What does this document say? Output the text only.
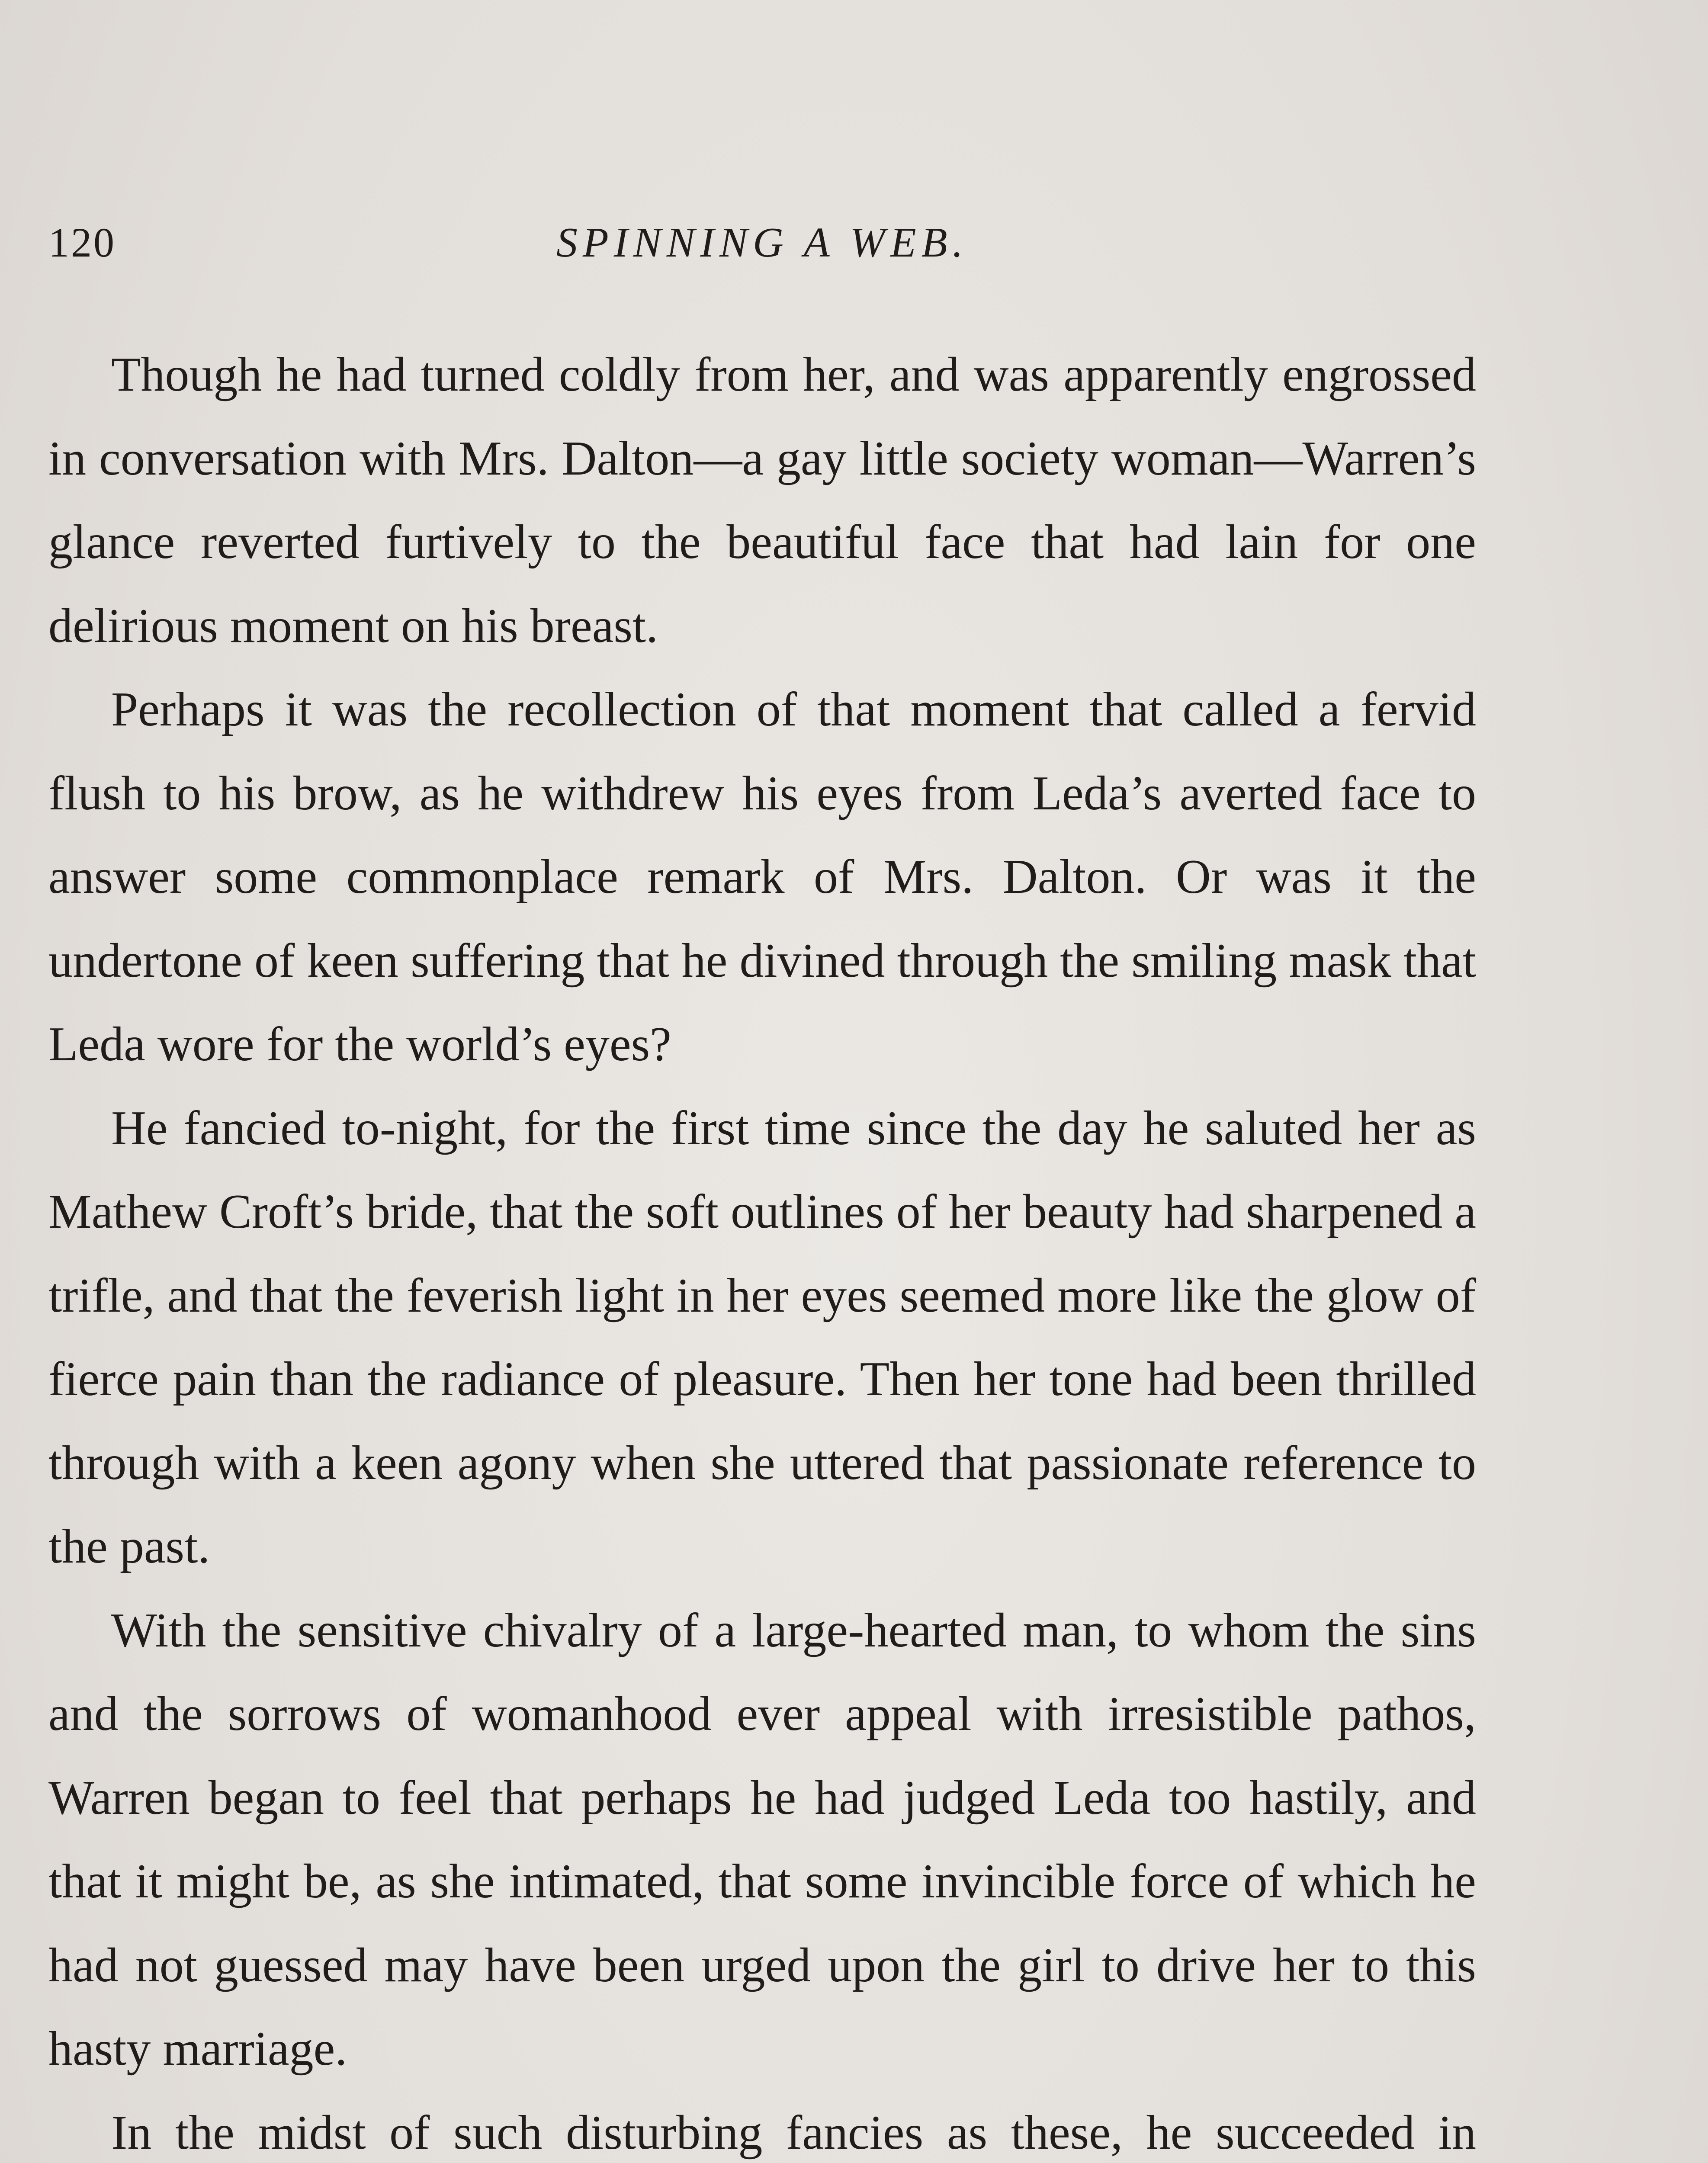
120	SPINNING A WEB.

Though he had turned coldly from her, and was apparently engrossed in conversation with Mrs. Dalton—a gay little society woman—Warren’s glance reverted furtively to the beautiful face that had lain for one delirious moment on his breast.

Perhaps it was the recollection of that moment that called a fervid flush to his brow, as he withdrew his eyes from Leda’s averted face to answer some commonplace remark of Mrs. Dalton. Or was it the undertone of keen suffering that he divined through the smiling mask that Leda wore for the world’s eyes?

He fancied to-night, for the first time since the day he saluted her as Mathew Croft’s bride, that the soft outlines of her beauty had sharpened a trifle, and that the feverish light in her eyes seemed more like the glow of fierce pain than the radiance of pleasure. Then her tone had been thrilled through with a keen agony when she uttered that passionate reference to the past.

With the sensitive chivalry of a large-hearted man, to whom the sins and the sorrows of womanhood ever appeal with irresistible pathos, Warren began to feel that perhaps he had judged Leda too hastily, and that it might be, as she intimated, that some invincible force of which he had not guessed may have been urged upon the girl to drive her to this hasty marriage.

In the midst of such disturbing fancies as these, he succeeded in
